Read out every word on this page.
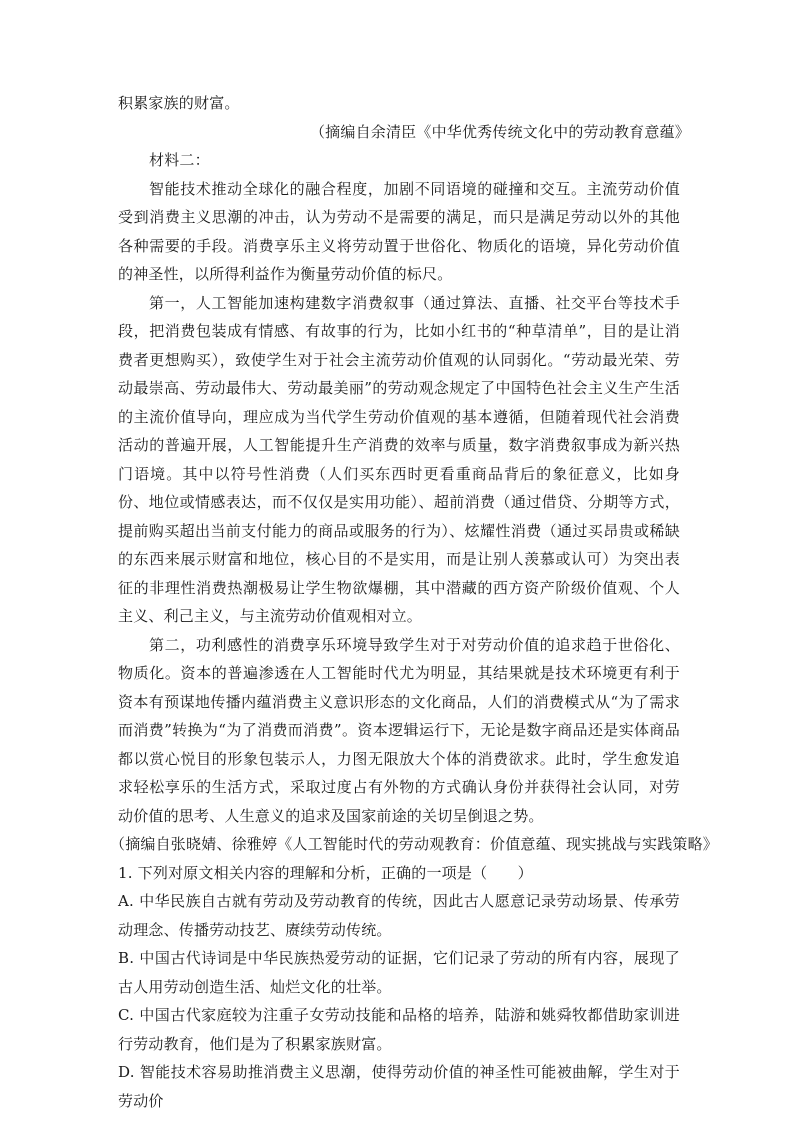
积累家族的财富。

（摘编自余清臣《中华优秀传统文化中的劳动教育意蕴》

材料二：

智能技术推动全球化的融合程度，加剧不同语境的碰撞和交互。主流劳动价值受到消费主义思潮的冲击，认为劳动不是需要的满足，而只是满足劳动以外的其他各种需要的手段。消费享乐主义将劳动置于世俗化、物质化的语境，异化劳动价值的神圣性，以所得利益作为衡量劳动价值的标尺。

第一，人工智能加速构建数字消费叙事（通过算法、直播、社交平台等技术手段，把消费包装成有情感、有故事的行为，比如小红书的“种草清单”，目的是让消费者更想购买），致使学生对于社会主流劳动价值观的认同弱化。“劳动最光荣、劳动最崇高、劳动最伟大、劳动最美丽”的劳动观念规定了中国特色社会主义生产生活的主流价值导向，理应成为当代学生劳动价值观的基本遵循，但随着现代社会消费活动的普遍开展，人工智能提升生产消费的效率与质量，数字消费叙事成为新兴热门语境。其中以符号性消费（人们买东西时更看重商品背后的象征意义，比如身份、地位或情感表达，而不仅仅是实用功能）、超前消费（通过借贷、分期等方式，提前购买超出当前支付能力的商品或服务的行为）、炫耀性消费（通过买昂贵或稀缺的东西来展示财富和地位，核心目的不是实用，而是让别人羡慕或认可）为突出表征的非理性消费热潮极易让学生物欲爆棚，其中潜藏的西方资产阶级价值观、个人主义、利己主义，与主流劳动价值观相对立。

第二，功利感性的消费享乐环境导致学生对于对劳动价值的追求趋于世俗化、物质化。资本的普遍渗透在人工智能时代尤为明显，其结果就是技术环境更有利于资本有预谋地传播内蕴消费主义意识形态的文化商品，人们的消费模式从“为了需求而消费”转换为“为了消费而消费”。资本逻辑运行下，无论是数字商品还是实体商品都以赏心悦目的形象包装示人，力图无限放大个体的消费欲求。此时，学生愈发追求轻松享乐的生活方式，采取过度占有外物的方式确认身份并获得社会认同，对劳动价值的思考、人生意义的追求及国家前途的关切呈倒退之势。

（摘编自张晓婧、徐雅婷《人工智能时代的劳动观教育：价值意蕴、现实挑战与实践策略》

1. 下列对原文相关内容的理解和分析，正确的一项是（　　）

A. 中华民族自古就有劳动及劳动教育的传统，因此古人愿意记录劳动场景、传承劳动理念、传播劳动技艺、赓续劳动传统。

B. 中国古代诗词是中华民族热爱劳动的证据，它们记录了劳动的所有内容，展现了古人用劳动创造生活、灿烂文化的壮举。

C. 中国古代家庭较为注重子女劳动技能和品格的培养，陆游和姚舜牧都借助家训进行劳动教育，他们是为了积累家族财富。

D. 智能技术容易助推消费主义思潮，使得劳动价值的神圣性可能被曲解，学生对于劳动价
